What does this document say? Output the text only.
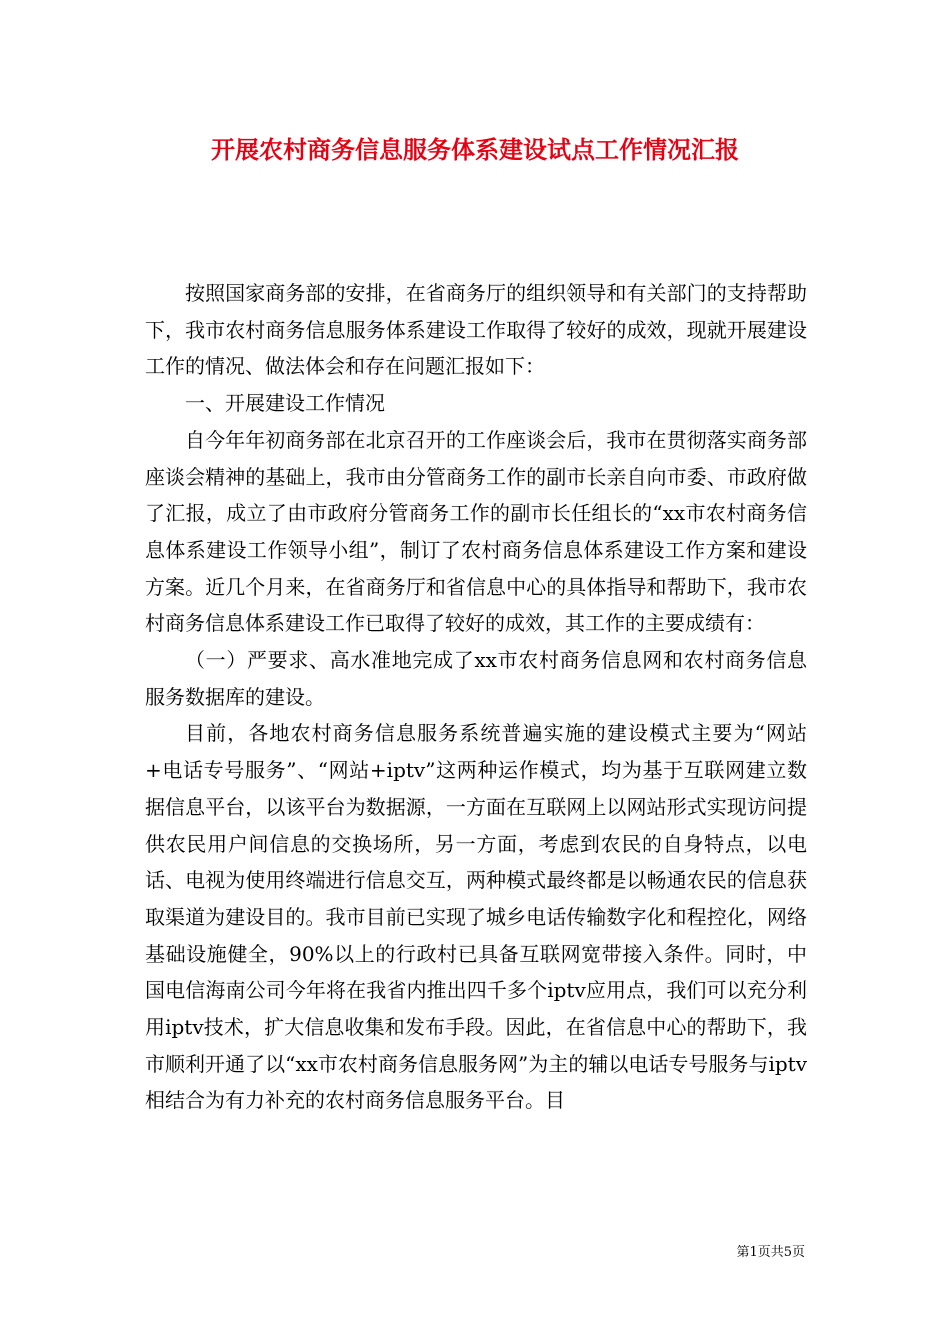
开展农村商务信息服务体系建设试点工作情况汇报

按照国家商务部的安排，在省商务厅的组织领导和有关部门的支持帮助下，我市农村商务信息服务体系建设工作取得了较好的成效，现就开展建设工作的情况、做法体会和存在问题汇报如下：

一、开展建设工作情况

自今年年初商务部在北京召开的工作座谈会后，我市在贯彻落实商务部座谈会精神的基础上，我市由分管商务工作的副市长亲自向市委、市政府做了汇报，成立了由市政府分管商务工作的副市长任组长的“xx市农村商务信息体系建设工作领导小组”，制订了农村商务信息体系建设工作方案和建设方案。近几个月来，在省商务厅和省信息中心的具体指导和帮助下，我市农村商务信息体系建设工作已取得了较好的成效，其工作的主要成绩有：

（一）严要求、高水准地完成了xx市农村商务信息网和农村商务信息服务数据库的建设。

目前，各地农村商务信息服务系统普遍实施的建设模式主要为“网站+电话专号服务”、“网站+iptv”这两种运作模式，均为基于互联网建立数据信息平台，以该平台为数据源，一方面在互联网上以网站形式实现访问提供农民用户间信息的交换场所，另一方面，考虑到农民的自身特点，以电话、电视为使用终端进行信息交互，两种模式最终都是以畅通农民的信息获取渠道为建设目的。我市目前已实现了城乡电话传输数字化和程控化，网络基础设施健全，90%以上的行政村已具备互联网宽带接入条件。同时，中国电信海南公司今年将在我省内推出四千多个iptv应用点，我们可以充分利用iptv技术，扩大信息收集和发布手段。因此，在省信息中心的帮助下，我市顺利开通了以“xx市农村商务信息服务网”为主的辅以电话专号服务与iptv相结合为有力补充的农村商务信息服务平台。目

第1页共5页
